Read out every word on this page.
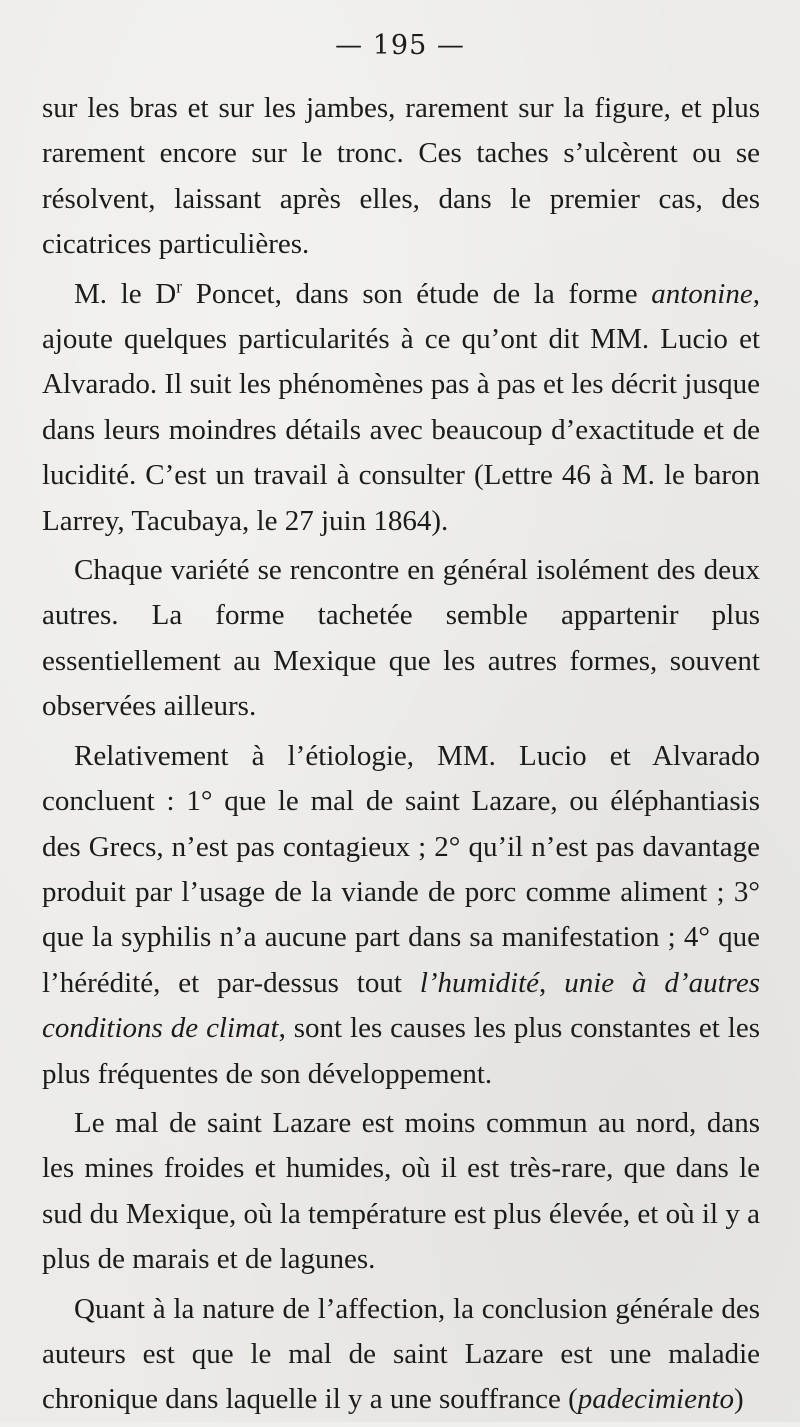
— 195 —

sur les bras et sur les jambes, rarement sur la figure, et plus rarement encore sur le tronc. Ces taches s’ulcèrent ou se résolvent, laissant après elles, dans le premier cas, des cicatrices particulières.

M. le $D^r$ Poncet, dans son étude de la forme antonine, ajoute quelques particularités à ce qu’ont dit MM. Lucio et Alvarado. Il suit les phénomènes pas à pas et les décrit jusque dans leurs moindres détails avec beaucoup d’exactitude et de lucidité. C’est un travail à consulter (Lettre 46 à M. le baron Larrey, Tacubaya, le 27 juin 1864).

Chaque variété se rencontre en général isolément des deux autres. La forme tachetée semble appartenir plus essentiellement au Mexique que les autres formes, souvent observées ailleurs.

Relativement à l’étiologie, MM. Lucio et Alvarado concluent : 1° que le mal de saint Lazare, ou éléphantiasis des Grecs, n’est pas contagieux ; 2° qu’il n’est pas davantage produit par l’usage de la viande de porc comme aliment ; 3° que la syphilis n’a aucune part dans sa manifestation ; 4° que l’hérédité, et par-dessus tout l’humidité, unie à d’autres conditions de climat, sont les causes les plus constantes et les plus fréquentes de son développement.

Le mal de saint Lazare est moins commun au nord, dans les mines froides et humides, où il est très-rare, que dans le sud du Mexique, où la température est plus élevée, et où il y a plus de marais et de lagunes.

Quant à la nature de l’affection, la conclusion générale des auteurs est que le mal de saint Lazare est une maladie chronique dans laquelle il y a une souffrance (padecimiento)
